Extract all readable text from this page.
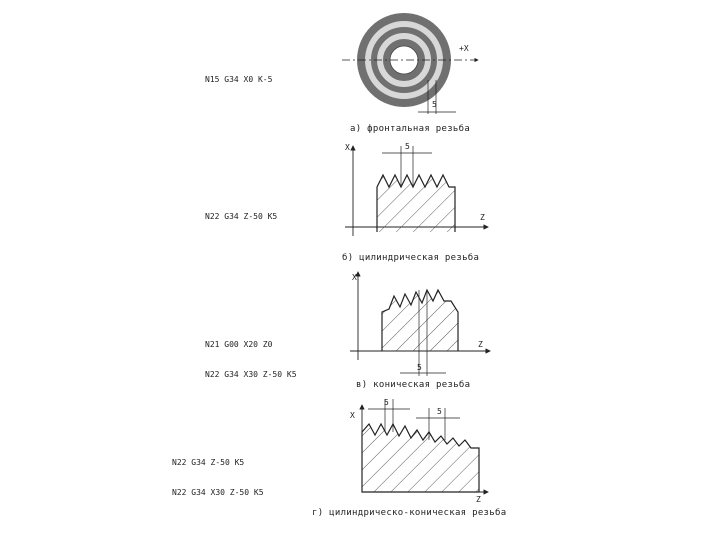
N15 G34 X0 K-5

N22 G34 Z-50 K5

N21 G00 X20 Z0

N22 G34 X30 Z-50 K5

N22 G34 Z-50 K5

N22 G34 X30 Z-50 K5

а) фронтальная резьба
б) цилиндрическая резьба
в) коническая резьба
г) цилиндрическо-коническая резьба
+X
5
X
Z
5
X
Z
5
X
Z
5
5
